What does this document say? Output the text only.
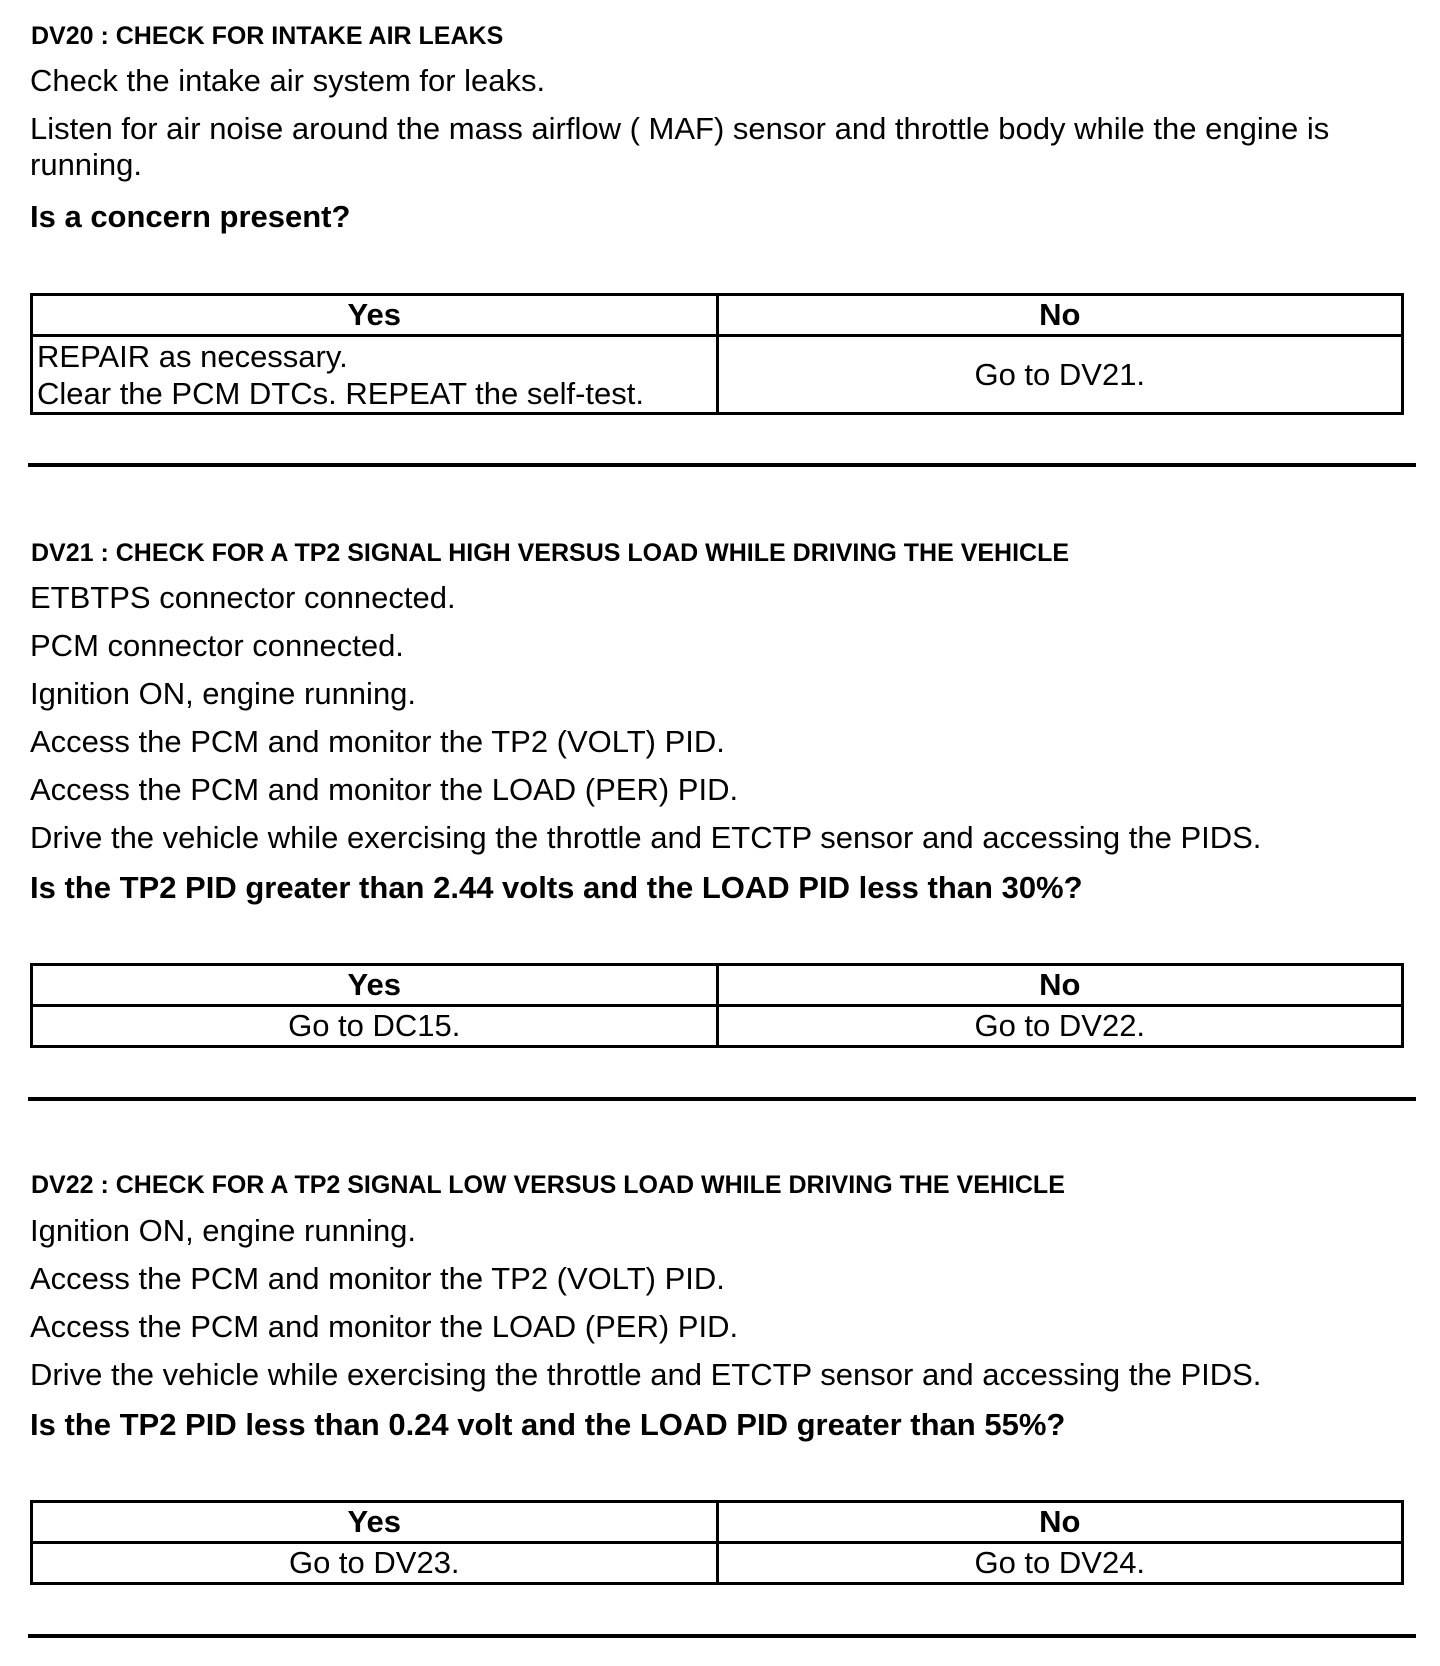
DV20 : CHECK FOR INTAKE AIR LEAKS
Check the intake air system for leaks.
Listen for air noise around the mass airflow ( MAF) sensor and throttle body while the engine is running.
Is a concern present?
Yes	No

REPAIR as necessary.
Clear the PCM DTCs. REPEAT the self-test.	Go to DV21.
DV21 : CHECK FOR A TP2 SIGNAL HIGH VERSUS LOAD WHILE DRIVING THE VEHICLE
ETBTPS connector connected.
PCM connector connected.
Ignition ON, engine running.
Access the PCM and monitor the TP2 (VOLT) PID.
Access the PCM and monitor the LOAD (PER) PID.
Drive the vehicle while exercising the throttle and ETCTP sensor and accessing the PIDS.
Is the TP2 PID greater than 2.44 volts and the LOAD PID less than 30%?
Yes	No
Go to DC15.	Go to DV22.
DV22 : CHECK FOR A TP2 SIGNAL LOW VERSUS LOAD WHILE DRIVING THE VEHICLE
Ignition ON, engine running.
Access the PCM and monitor the TP2 (VOLT) PID.
Access the PCM and monitor the LOAD (PER) PID.
Drive the vehicle while exercising the throttle and ETCTP sensor and accessing the PIDS.
Is the TP2 PID less than 0.24 volt and the LOAD PID greater than 55%?
Yes	No
Go to DV23.	Go to DV24.
